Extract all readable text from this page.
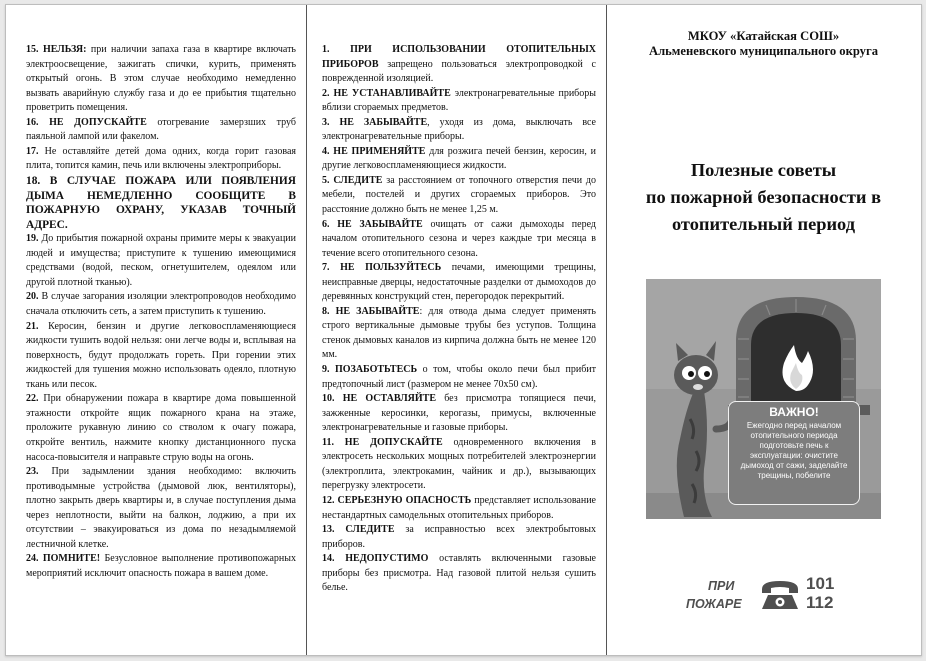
15. НЕЛЬЗЯ: при наличии запаха газа в квартире включать электроосвещение, зажигать спички, курить, применять открытый огонь. В этом случае необходимо немедленно вызвать аварийную службу газа и до ее прибытия тщательно проветрить помещения.

16. НЕ ДОПУСКАЙТЕ отогревание замерзших труб паяльной лампой или факелом.

17. Не оставляйте детей дома одних, когда горит газовая плита, топится камин, печь или включены электроприборы.

18. В СЛУЧАЕ ПОЖАРА ИЛИ ПОЯВЛЕНИЯ ДЫМА НЕМЕДЛЕННО СООБЩИТЕ В ПОЖАРНУЮ ОХРАНУ, УКАЗАВ ТОЧНЫЙ АДРЕС.

19. До прибытия пожарной охраны примите меры к эвакуации людей и имущества; приступите к тушению имеющимися средствами (водой, песком, огнетушителем, одеялом или другой плотной тканью).

20. В случае загорания изоляции электропроводов необходимо сначала отключить сеть, а затем приступить к тушению.

21. Керосин, бензин и другие легковоспламеняющиеся жидкости тушить водой нельзя: они легче воды и, всплывая на поверхность, будут продолжать гореть. При горении этих жидкостей для тушения можно использовать одеяло, плотную ткань или песок.

22. При обнаружении пожара в квартире дома повышенной этажности откройте ящик пожарного крана на этаже, проложите рукавную линию со стволом к очагу пожара, откройте вентиль, нажмите кнопку дистанционного пуска насоса-повысителя и направьте струю воды на огонь.

23. При задымлении здания необходимо: включить противодымные устройства (дымовой люк, вентиляторы), плотно закрыть дверь квартиры и, в случае поступления дыма через неплотности, выйти на балкон, лоджию, а при их отсутствии – эвакуироваться из дома по незадымляемой лестничной клетке.

24. ПОМНИТЕ! Безусловное выполнение противопожарных мероприятий исключит опасность пожара в вашем доме.

1. ПРИ ИСПОЛЬЗОВАНИИ ОТОПИТЕЛЬНЫХ ПРИБОРОВ запрещено пользоваться электропроводкой с поврежденной изоляцией.

2. НЕ УСТАНАВЛИВАЙТЕ электронагревательные приборы вблизи сгораемых предметов.

3. НЕ ЗАБЫВАЙТЕ, уходя из дома, выключать все электронагревательные приборы.

4. НЕ ПРИМЕНЯЙТЕ для розжига печей бензин, керосин, и другие легковоспламеняющиеся жидкости.

5. СЛЕДИТЕ за расстоянием от топочного отверстия печи до мебели, постелей и других сгораемых приборов. Это расстояние должно быть не менее 1,25 м.

6. НЕ ЗАБЫВАЙТЕ очищать от сажи дымоходы перед началом отопительного сезона и через каждые три месяца в течение всего отопительного сезона.

7. НЕ ПОЛЬЗУЙТЕСЬ печами, имеющими трещины, неисправные дверцы, недостаточные разделки от дымоходов до деревянных конструкций стен, перегородок перекрытий.

8. НЕ ЗАБЫВАЙТЕ: для отвода дыма следует применять строго вертикальные дымовые трубы без уступов. Толщина стенок дымовых каналов из кирпича должна быть не менее 120 мм.

9. ПОЗАБОТЬТЕСЬ о том, чтобы около печи был прибит предтопочный лист (размером не менее 70х50 см).

10. НЕ ОСТАВЛЯЙТЕ без присмотра топящиеся печи, зажженные керосинки, керогазы, примусы, включенные электронагревательные и газовые приборы.

11. НЕ ДОПУСКАЙТЕ одновременного включения в электросеть нескольких мощных потребителей электроэнергии (электроплита, электрокамин, чайник и др.), вызывающих перегрузку электросети.

12. СЕРЬЕЗНУЮ ОПАСНОСТЬ представляет использование нестандартных самодельных отопительных приборов.

13. СЛЕДИТЕ за исправностью всех электробытовых приборов.

14. НЕДОПУСТИМО оставлять включенными газовые приборы без присмотра. Над газовой плитой нельзя сушить белье.

МКОУ «Катайская СОШ»
Альменевского муниципального округа
Полезные советы
по пожарной безопасности в
отопительный период
ВАЖНО!
Ежегодно перед началом отопительного периода подготовьте печь к эксплуатации: очистите дымоход от сажи, заделайте трещины, побелите
ПРИ
ПОЖАРЕ
101
112
